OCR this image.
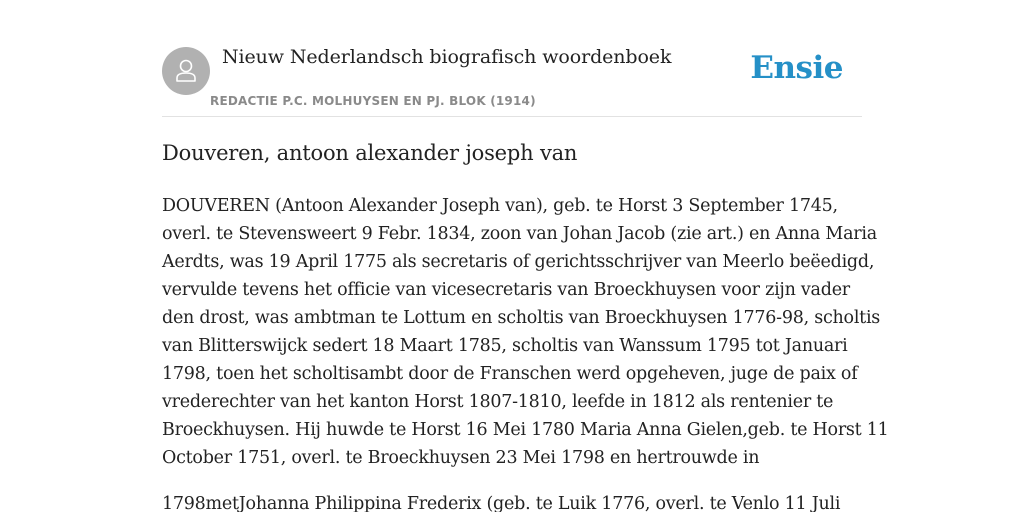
Nieuw Nederlandsch biografisch woordenboek
REDACTIE P.C. MOLHUYSEN EN PJ. BLOK (1914)
Ensie
Douveren, antoon alexander joseph van

DOUVEREN (Antoon Alexander Joseph van), geb. te Horst 3 September 1745,
overl. te Stevensweert 9 Febr. 1834, zoon van Johan Jacob (zie art.) en Anna Maria
Aerdts, was 19 April 1775 als secretaris of gerichtsschrijver van Meerlo beëedigd,
vervulde tevens het officie van vicesecretaris van Broeckhuysen voor zijn vader
den drost, was ambtman te Lottum en scholtis van Broeckhuysen 1776-98, scholtis
van Blitterswijck sedert 18 Maart 1785, scholtis van Wanssum 1795 tot Januari
1798, toen het scholtisambt door de Franschen werd opgeheven, juge de paix of
vrederechter van het kanton Horst 1807-1810, leefde in 1812 als rentenier te
Broeckhuysen. Hij huwde te Horst 16 Mei 1780 Maria Anna Gielen,geb. te Horst 11
October 1751, overl. te Broeckhuysen 23 Mei 1798 en hertrouwde in

1798metJohanna Philippina Frederix (geb. te Luik 1776, overl. te Venlo 11 Juli
